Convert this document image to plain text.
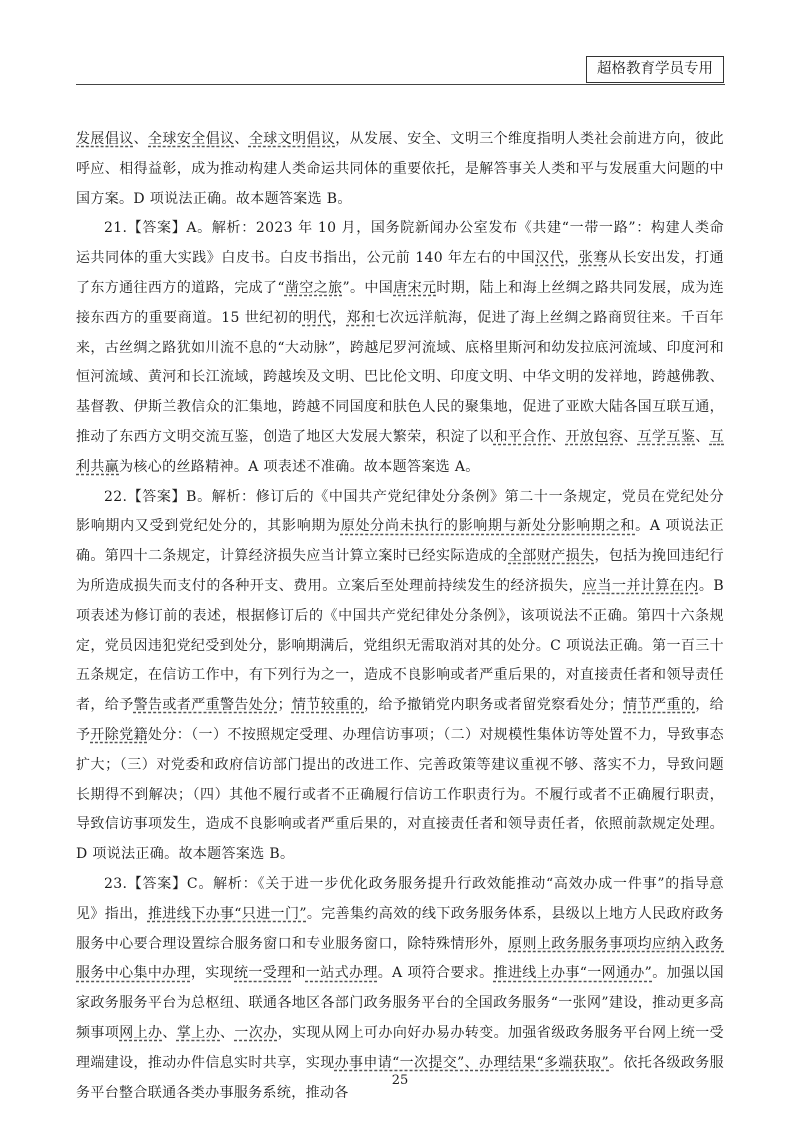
超格教育学员专用

发展倡议、全球安全倡议、全球文明倡议，从发展、安全、文明三个维度指明人类社会前进方向，彼此呼应、相得益彰，成为推动构建人类命运共同体的重要依托，是解答事关人类和平与发展重大问题的中国方案。D 项说法正确。故本题答案选 B。

21.【答案】A。解析：2023 年 10 月，国务院新闻办公室发布《共建“一带一路”：构建人类命运共同体的重大实践》白皮书。白皮书指出，公元前 140 年左右的中国汉代，张骞从长安出发，打通了东方通往西方的道路，完成了“凿空之旅”。中国唐宋元时期，陆上和海上丝绸之路共同发展，成为连接东西方的重要商道。15 世纪初的明代，郑和七次远洋航海，促进了海上丝绸之路商贸往来。千百年来，古丝绸之路犹如川流不息的“大动脉”，跨越尼罗河流域、底格里斯河和幼发拉底河流域、印度河和恒河流域、黄河和长江流域，跨越埃及文明、巴比伦文明、印度文明、中华文明的发祥地，跨越佛教、基督教、伊斯兰教信众的汇集地，跨越不同国度和肤色人民的聚集地，促进了亚欧大陆各国互联互通，推动了东西方文明交流互鉴，创造了地区大发展大繁荣，积淀了以和平合作、开放包容、互学互鉴、互利共赢为核心的丝路精神。A 项表述不准确。故本题答案选 A。

22.【答案】B。解析：修订后的《中国共产党纪律处分条例》第二十一条规定，党员在党纪处分影响期内又受到党纪处分的，其影响期为原处分尚未执行的影响期与新处分影响期之和。A 项说法正确。第四十二条规定，计算经济损失应当计算立案时已经实际造成的全部财产损失，包括为挽回违纪行为所造成损失而支付的各种开支、费用。立案后至处理前持续发生的经济损失，应当一并计算在内。B 项表述为修订前的表述，根据修订后的《中国共产党纪律处分条例》，该项说法不正确。第四十六条规定，党员因违犯党纪受到处分，影响期满后，党组织无需取消对其的处分。C 项说法正确。第一百三十五条规定，在信访工作中，有下列行为之一，造成不良影响或者严重后果的，对直接责任者和领导责任者，给予警告或者严重警告处分；情节较重的，给予撤销党内职务或者留党察看处分；情节严重的，给予开除党籍处分：（一）不按照规定受理、办理信访事项；（二）对规模性集体访等处置不力，导致事态扩大；（三）对党委和政府信访部门提出的改进工作、完善政策等建议重视不够、落实不力，导致问题长期得不到解决；（四）其他不履行或者不正确履行信访工作职责行为。不履行或者不正确履行职责，导致信访事项发生，造成不良影响或者严重后果的，对直接责任者和领导责任者，依照前款规定处理。D 项说法正确。故本题答案选 B。

23.【答案】C。解析：《关于进一步优化政务服务提升行政效能推动“高效办成一件事”的指导意见》指出，推进线下办事“只进一门”。完善集约高效的线下政务服务体系，县级以上地方人民政府政务服务中心要合理设置综合服务窗口和专业服务窗口，除特殊情形外，原则上政务服务事项均应纳入政务服务中心集中办理，实现统一受理和一站式办理。A 项符合要求。推进线上办事“一网通办”。加强以国家政务服务平台为总枢纽、联通各地区各部门政务服务平台的全国政务服务“一张网”建设，推动更多高频事项网上办、掌上办、一次办，实现从网上可办向好办易办转变。加强省级政务服务平台网上统一受理端建设，推动办件信息实时共享，实现办事申请“一次提交”、办理结果“多端获取”。依托各级政务服务平台整合联通各类办事服务系统，推动各

25
